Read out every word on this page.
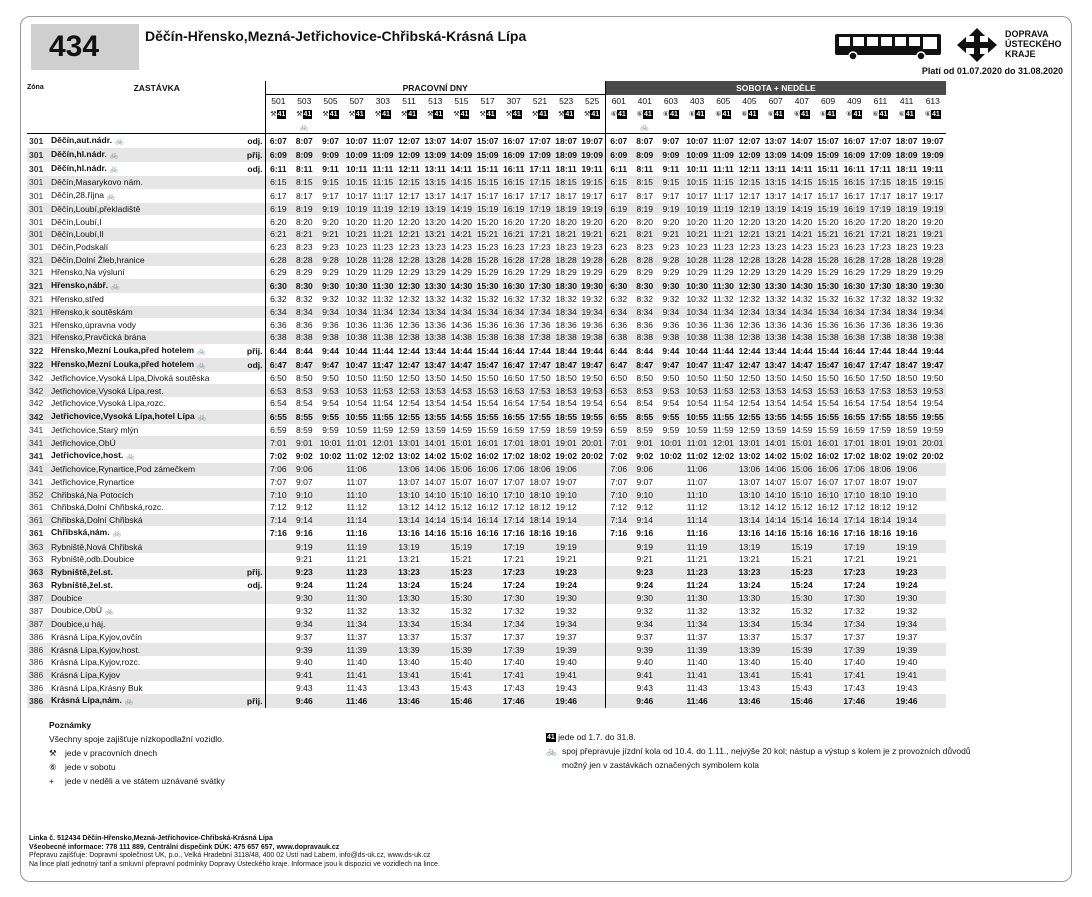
434	Děčín-Hřensko,Mezná-Jetřichovice-Chřibská-Krásná Lípa	DOPRAVA
ÚSTECKÉHO
KRAJE
Platí od 01.07.2020 do 31.08.2020
Zóna	ZASTÁVKA		PRACOVNÍ DNY													SOBOTA + NEDĚLE												
			501	503	505	507	303	511	513	515	517	307	521	523	525	601	401	603	403	605	405	607	407	609	409	611	411	613
			⚒41	⚒41	⚒41	⚒41	⚒41	⚒41	⚒41	⚒41	⚒41	⚒41	⚒41	⚒41	⚒41	⑥41	⑥41	⑥41	⑥41	⑥41	⑥41	⑥41	⑥41	⑥41	⑥41	⑥41	⑥41	⑥41
				🚲													🚲											
301	Děčín,aut.nádr. 🚲	odj.	6:07	8:07	9:07	10:07	11:07	12:07	13:07	14:07	15:07	16:07	17:07	18:07	19:07	6:07	8:07	9:07	10:07	11:07	12:07	13:07	14:07	15:07	16:07	17:07	18:07	19:07
301	Děčín,hl.nádr. 🚲	přij.	6:09	8:09	9:09	10:09	11:09	12:09	13:09	14:09	15:09	16:09	17:09	18:09	19:09	6:09	8:09	9:09	10:09	11:09	12:09	13:09	14:09	15:09	16:09	17:09	18:09	19:09
301	Děčín,hl.nádr. 🚲	odj.	6:11	8:11	9:11	10:11	11:11	12:11	13:11	14:11	15:11	16:11	17:11	18:11	19:11	6:11	8:11	9:11	10:11	11:11	12:11	13:11	14:11	15:11	16:11	17:11	18:11	19:11
301	Děčín,Masarykovo nám.		6:15	8:15	9:15	10:15	11:15	12:15	13:15	14:15	15:15	16:15	17:15	18:15	19:15	6:15	8:15	9:15	10:15	11:15	12:15	13:15	14:15	15:15	16:15	17:15	18:15	19:15
301	Děčín,28.října 🚲		6:17	8:17	9:17	10:17	11:17	12:17	13:17	14:17	15:17	16:17	17:17	18:17	19:17	6:17	8:17	9:17	10:17	11:17	12:17	13:17	14:17	15:17	16:17	17:17	18:17	19:17
301	Děčín,Loubí,překladiště		6:19	8:19	9:19	10:19	11:19	12:19	13:19	14:19	15:19	16:19	17:19	18:19	19:19	6:19	8:19	9:19	10:19	11:19	12:19	13:19	14:19	15:19	16:19	17:19	18:19	19:19
301	Děčín,Loubí,I		6:20	8:20	9:20	10:20	11:20	12:20	13:20	14:20	15:20	16:20	17:20	18:20	19:20	6:20	8:20	9:20	10:20	11:20	12:20	13:20	14:20	15:20	16:20	17:20	18:20	19:20
301	Děčín,Loubí,II		6:21	8:21	9:21	10:21	11:21	12:21	13:21	14:21	15:21	16:21	17:21	18:21	19:21	6:21	8:21	9:21	10:21	11:21	12:21	13:21	14:21	15:21	16:21	17:21	18:21	19:21
301	Děčín,Podskalí		6:23	8:23	9:23	10:23	11:23	12:23	13:23	14:23	15:23	16:23	17:23	18:23	19:23	6:23	8:23	9:23	10:23	11:23	12:23	13:23	14:23	15:23	16:23	17:23	18:23	19:23
321	Děčín,Dolní Žleb,hranice		6:28	8:28	9:28	10:28	11:28	12:28	13:28	14:28	15:28	16:28	17:28	18:28	19:28	6:28	8:28	9:28	10:28	11:28	12:28	13:28	14:28	15:28	16:28	17:28	18:28	19:28
321	Hřensko,Na výsluní		6:29	8:29	9:29	10:29	11:29	12:29	13:29	14:29	15:29	16:29	17:29	18:29	19:29	6:29	8:29	9:29	10:29	11:29	12:29	13:29	14:29	15:29	16:29	17:29	18:29	19:29
321	Hřensko,nábř. 🚲		6:30	8:30	9:30	10:30	11:30	12:30	13:30	14:30	15:30	16:30	17:30	18:30	19:30	6:30	8:30	9:30	10:30	11:30	12:30	13:30	14:30	15:30	16:30	17:30	18:30	19:30
321	Hřensko,střed		6:32	8:32	9:32	10:32	11:32	12:32	13:32	14:32	15:32	16:32	17:32	18:32	19:32	6:32	8:32	9:32	10:32	11:32	12:32	13:32	14:32	15:32	16:32	17:32	18:32	19:32
321	Hřensko,k soutěskám		6:34	8:34	9:34	10:34	11:34	12:34	13:34	14:34	15:34	16:34	17:34	18:34	19:34	6:34	8:34	9:34	10:34	11:34	12:34	13:34	14:34	15:34	16:34	17:34	18:34	19:34
321	Hřensko,úpravna vody		6:36	8:36	9:36	10:36	11:36	12:36	13:36	14:36	15:36	16:36	17:36	18:36	19:36	6:36	8:36	9:36	10:36	11:36	12:36	13:36	14:36	15:36	16:36	17:36	18:36	19:36
321	Hřensko,Pravčická brána		6:38	8:38	9:38	10:38	11:38	12:38	13:38	14:38	15:38	16:38	17:38	18:38	19:38	6:38	8:38	9:38	10:38	11:38	12:38	13:38	14:38	15:38	16:38	17:38	18:38	19:38
322	Hřensko,Mezní Louka,před hotelem 🚲	přij.	6:44	8:44	9:44	10:44	11:44	12:44	13:44	14:44	15:44	16:44	17:44	18:44	19:44	6:44	8:44	9:44	10:44	11:44	12:44	13:44	14:44	15:44	16:44	17:44	18:44	19:44
322	Hřensko,Mezní Louka,před hotelem 🚲	odj.	6:47	8:47	9:47	10:47	11:47	12:47	13:47	14:47	15:47	16:47	17:47	18:47	19:47	6:47	8:47	9:47	10:47	11:47	12:47	13:47	14:47	15:47	16:47	17:47	18:47	19:47
342	Jetřichovice,Vysoká Lípa,Divoká soutěska		6:50	8:50	9:50	10:50	11:50	12:50	13:50	14:50	15:50	16:50	17:50	18:50	19:50	6:50	8:50	9:50	10:50	11:50	12:50	13:50	14:50	15:50	16:50	17:50	18:50	19:50
342	Jetřichovice,Vysoká Lípa,rest.		6:53	8:53	9:53	10:53	11:53	12:53	13:53	14:53	15:53	16:53	17:53	18:53	19:53	6:53	8:53	9:53	10:53	11:53	12:53	13:53	14:53	15:53	16:53	17:53	18:53	19:53
342	Jetřichovice,Vysoká Lípa,rozc.		6:54	8:54	9:54	10:54	11:54	12:54	13:54	14:54	15:54	16:54	17:54	18:54	19:54	6:54	8:54	9:54	10:54	11:54	12:54	13:54	14:54	15:54	16:54	17:54	18:54	19:54
342	Jetřichovice,Vysoká Lípa,hotel Lípa 🚲		6:55	8:55	9:55	10:55	11:55	12:55	13:55	14:55	15:55	16:55	17:55	18:55	19:55	6:55	8:55	9:55	10:55	11:55	12:55	13:55	14:55	15:55	16:55	17:55	18:55	19:55
341	Jetřichovice,Starý mlýn		6:59	8:59	9:59	10:59	11:59	12:59	13:59	14:59	15:59	16:59	17:59	18:59	19:59	6:59	8:59	9:59	10:59	11:59	12:59	13:59	14:59	15:59	16:59	17:59	18:59	19:59
341	Jetřichovice,ObÚ		7:01	9:01	10:01	11:01	12:01	13:01	14:01	15:01	16:01	17:01	18:01	19:01	20:01	7:01	9:01	10:01	11:01	12:01	13:01	14:01	15:01	16:01	17:01	18:01	19:01	20:01
341	Jetřichovice,host. 🚲		7:02	9:02	10:02	11:02	12:02	13:02	14:02	15:02	16:02	17:02	18:02	19:02	20:02	7:02	9:02	10:02	11:02	12:02	13:02	14:02	15:02	16:02	17:02	18:02	19:02	20:02
341	Jetřichovice,Rynartice,Pod zámečkem		7:06	9:06		11:06		13:06	14:06	15:06	16:06	17:06	18:06	19:06		7:06	9:06		11:06		13:06	14:06	15:06	16:06	17:06	18:06	19:06	
341	Jetřichovice,Rynartice		7:07	9:07		11:07		13:07	14:07	15:07	16:07	17:07	18:07	19:07		7:07	9:07		11:07		13:07	14:07	15:07	16:07	17:07	18:07	19:07	
352	Chřibská,Na Potocích		7:10	9:10		11:10		13:10	14:10	15:10	16:10	17:10	18:10	19:10		7:10	9:10		11:10		13:10	14:10	15:10	16:10	17:10	18:10	19:10	
361	Chřibská,Dolní Chřibská,rozc.		7:12	9:12		11:12		13:12	14:12	15:12	16:12	17:12	18:12	19:12		7:12	9:12		11:12		13:12	14:12	15:12	16:12	17:12	18:12	19:12	
361	Chřibská,Dolní Chřibská		7:14	9:14		11:14		13:14	14:14	15:14	16:14	17:14	18:14	19:14		7:14	9:14		11:14		13:14	14:14	15:14	16:14	17:14	18:14	19:14	
361	Chřibská,nám. 🚲		7:16	9:16		11:16		13:16	14:16	15:16	16:16	17:16	18:16	19:16		7:16	9:16		11:16		13:16	14:16	15:16	16:16	17:16	18:16	19:16	
363	Rybniště,Nová Chřibská			9:19		11:19		13:19		15:19		17:19		19:19			9:19		11:19		13:19		15:19		17:19		19:19	
363	Rybniště,odb.Doubice			9:21		11:21		13:21		15:21		17:21		19:21			9:21		11:21		13:21		15:21		17:21		19:21	
363	Rybniště,žel.st.	přij.		9:23		11:23		13:23		15:23		17:23		19:23			9:23		11:23		13:23		15:23		17:23		19:23	
363	Rybniště,žel.st.	odj.		9:24		11:24		13:24		15:24		17:24		19:24			9:24		11:24		13:24		15:24		17:24		19:24	
387	Doubice			9:30		11:30		13:30		15:30		17:30		19:30			9:30		11:30		13:30		15:30		17:30		19:30	
387	Doubice,ObÚ 🚲			9:32		11:32		13:32		15:32		17:32		19:32			9:32		11:32		13:32		15:32		17:32		19:32	
387	Doubice,u háj.			9:34		11:34		13:34		15:34		17:34		19:34			9:34		11:34		13:34		15:34		17:34		19:34	
386	Krásná Lípa,Kyjov,ovčín			9:37		11:37		13:37		15:37		17:37		19:37			9:37		11:37		13:37		15:37		17:37		19:37	
386	Krásná Lípa,Kyjov,host.			9:39		11:39		13:39		15:39		17:39		19:39			9:39		11:39		13:39		15:39		17:39		19:39	
386	Krásná Lípa,Kyjov,rozc.			9:40		11:40		13:40		15:40		17:40		19:40			9:40		11:40		13:40		15:40		17:40		19:40	
386	Krásná Lípa,Kyjov			9:41		11:41		13:41		15:41		17:41		19:41			9:41		11:41		13:41		15:41		17:41		19:41	
386	Krásná Lípa,Krásný Buk			9:43		11:43		13:43		15:43		17:43		19:43			9:43		11:43		13:43		15:43		17:43		19:43	
386	Krásná Lípa,nám. 🚲	přij.		9:46		11:46		13:46		15:46		17:46		19:46			9:46		11:46		13:46		15:46		17:46		19:46	
Poznámky
Všechny spoje zajišťuje nízkopodlažní vozidlo.
⚒ jede v pracovních dnech
⑥ jede v sobotu
+ jede v neděli a ve státem uznávané svátky
41 jede od 1.7. do 31.8.
🚲 spoj přepravuje jízdní kola od 10.4. do 1.11., nejvýše 20 kol; nástup a výstup s kolem je z provozních důvodů
možný jen v zastávkách označených symbolem kola
Linka č. 512434 Děčín-Hřensko,Mezná-Jetřichovice-Chřibská-Krásná Lípa
Všeobecné informace: 778 111 889, Centrální dispečink DÚK: 475 657 657, www.dopravauk.cz
Přepravu zajišťuje: Dopravní společnost ÚK, p.o., Velká Hradební 3118/48, 400 02 Ústí nad Labem, info@ds-uk.cz, www.ds-uk.cz
Na lince platí jednotný tarif a smluvní přepravní podmínky Dopravy Ústeckého kraje. Informace jsou k dispozici ve vozidlech na lince.
